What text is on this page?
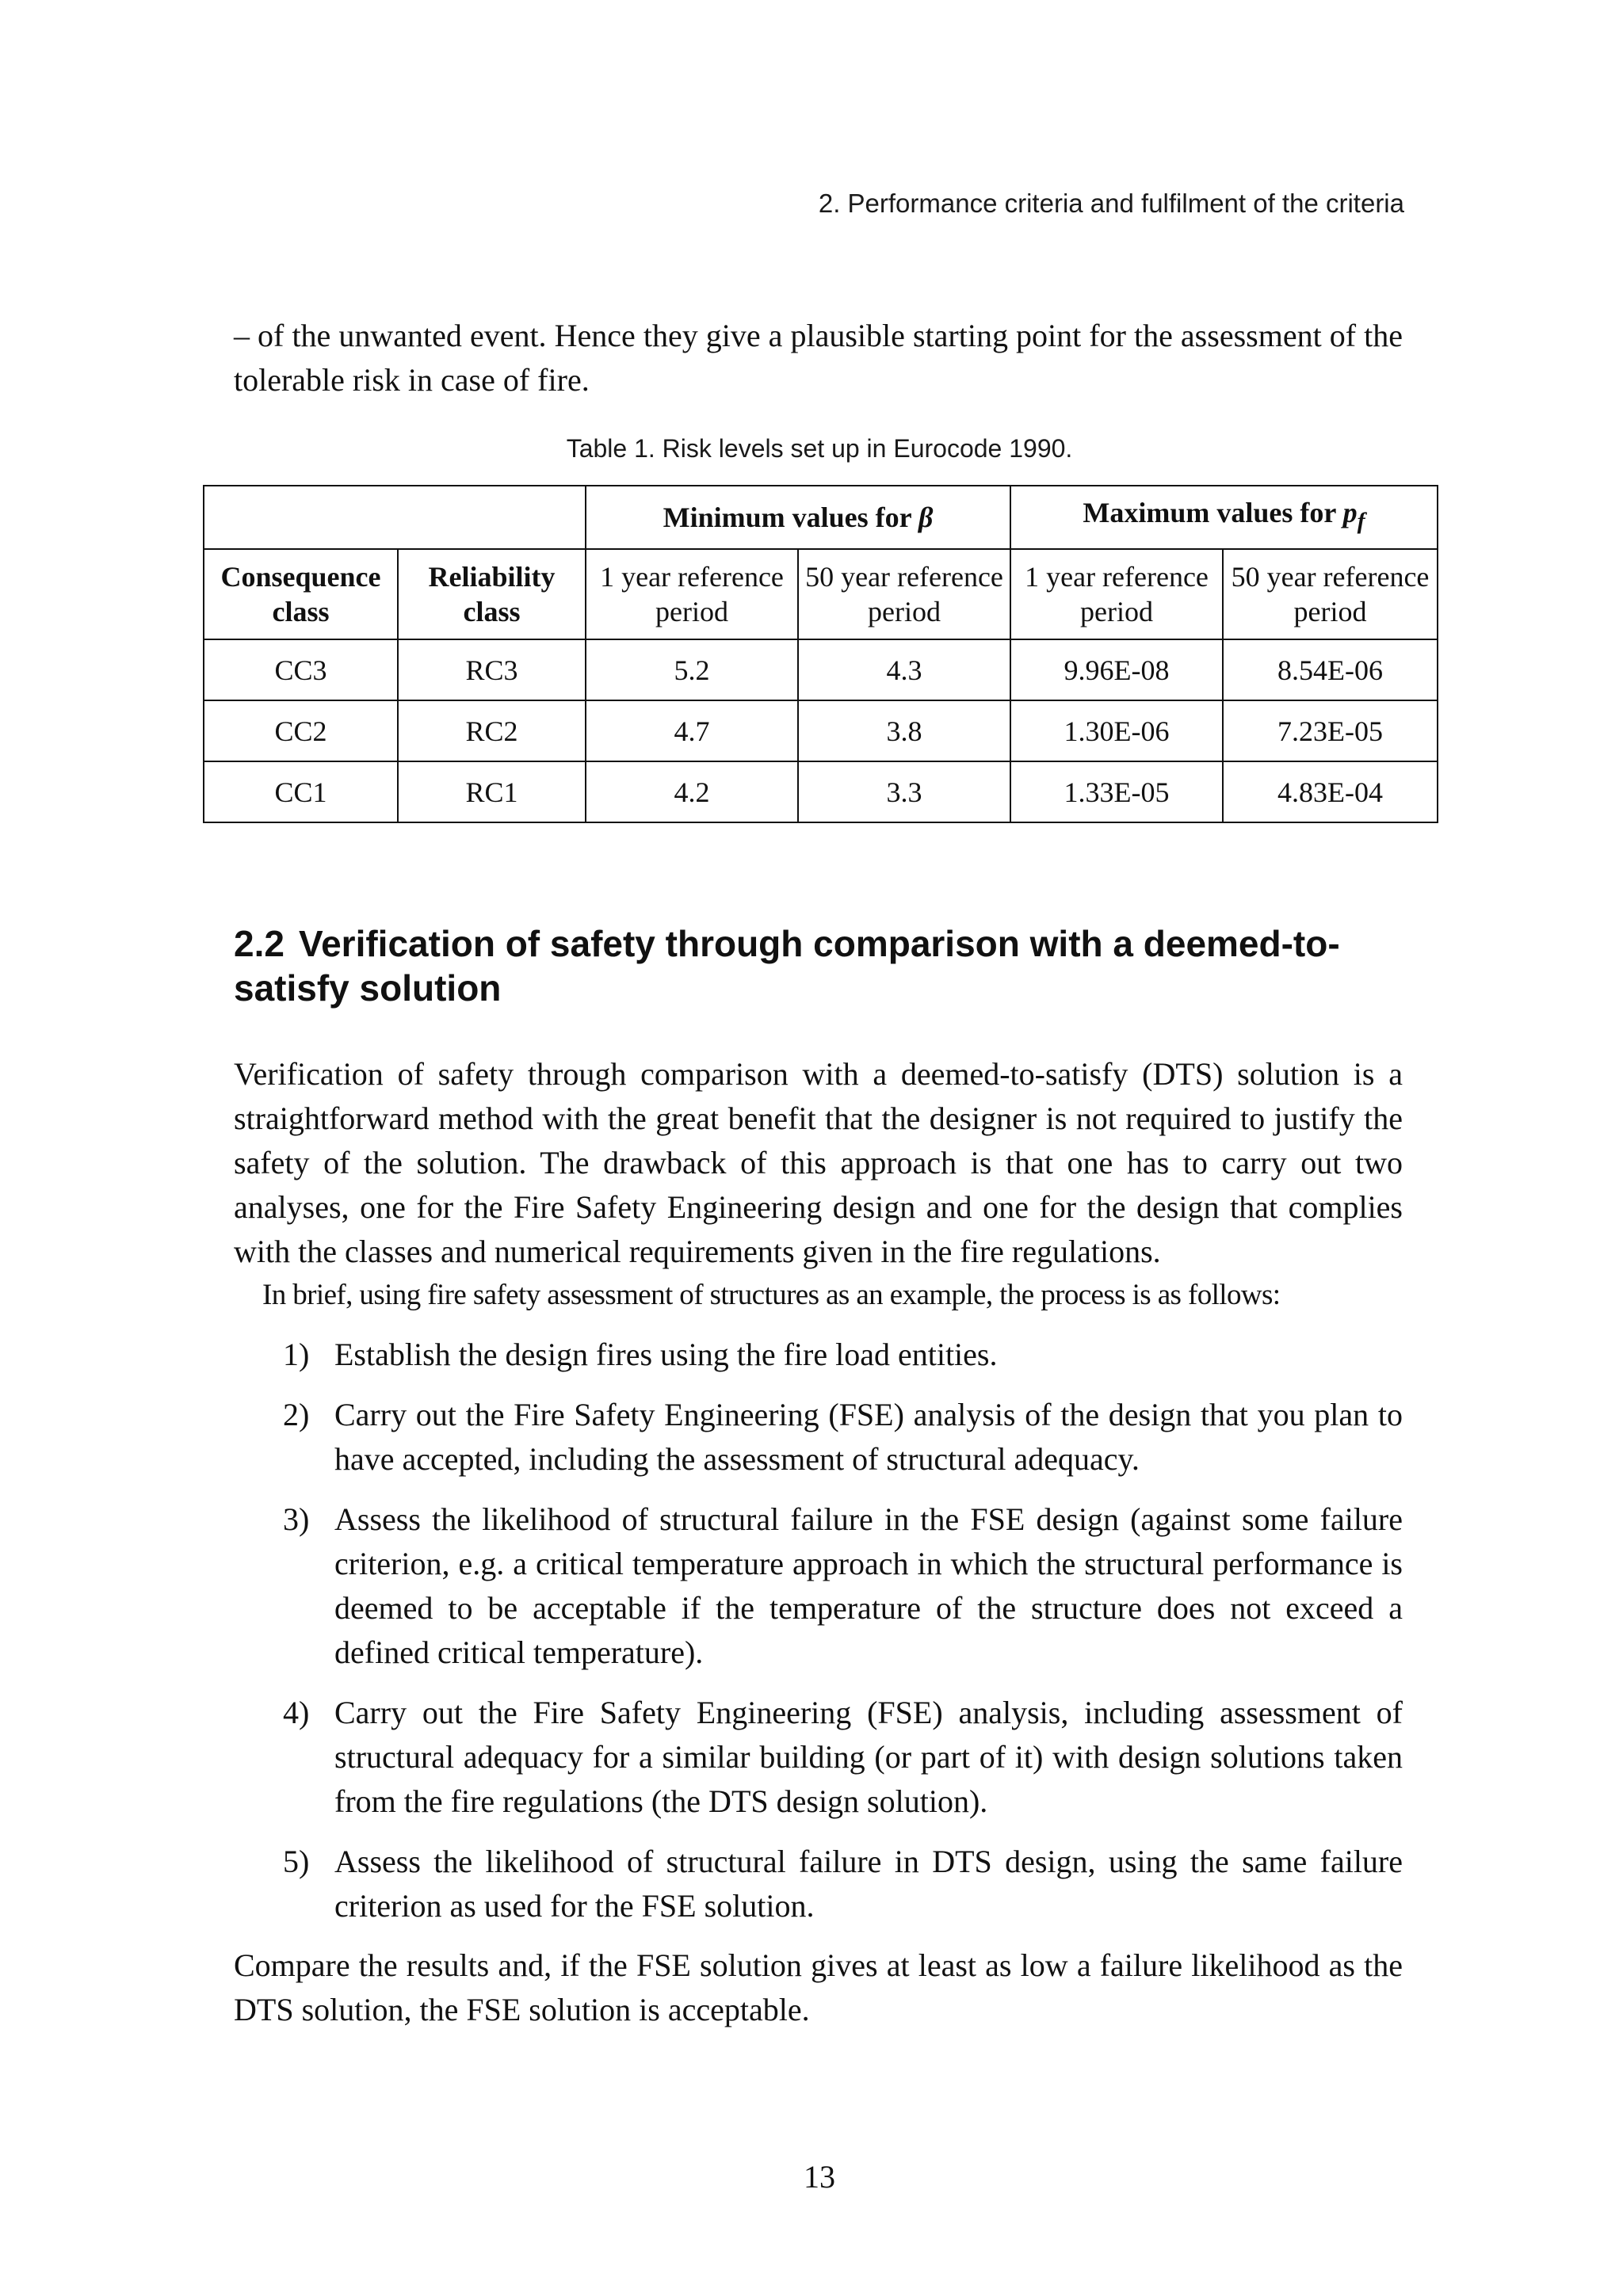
2. Performance criteria and fulfilment of the criteria

– of the unwanted event. Hence they give a plausible starting point for the assessment of the tolerable risk in case of fire.

Table 1. Risk levels set up in Eurocode 1990.
		Minimum values for β		Maximum values for $p_f$
Consequence class	Reliability class	1 year reference period	50 year reference period	1 year reference period	50 year reference period
CC3	RC3	5.2	4.3	9.96E-08	8.54E-06
CC2	RC2	4.7	3.8	1.30E-06	7.23E-05
CC1	RC1	4.2	3.3	1.33E-05	4.83E-04
2.2 Verification of safety through comparison with a deemed-to-satisfy solution

Verification of safety through comparison with a deemed-to-satisfy (DTS) solution is a straightforward method with the great benefit that the designer is not required to justify the safety of the solution. The drawback of this approach is that one has to carry out two analyses, one for the Fire Safety Engineering design and one for the design that complies with the classes and numerical requirements given in the fire regulations.

In brief, using fire safety assessment of structures as an example, the process is as follows:

1) Establish the design fires using the fire load entities.
2) Carry out the Fire Safety Engineering (FSE) analysis of the design that you plan to have accepted, including the assessment of structural adequacy.
3) Assess the likelihood of structural failure in the FSE design (against some failure criterion, e.g. a critical temperature approach in which the structural performance is deemed to be acceptable if the temperature of the structure does not exceed a defined critical temperature).
4) Carry out the Fire Safety Engineering (FSE) analysis, including assessment of structural adequacy for a similar building (or part of it) with design solutions taken from the fire regulations (the DTS design solution).
5) Assess the likelihood of structural failure in DTS design, using the same failure criterion as used for the FSE solution.

Compare the results and, if the FSE solution gives at least as low a failure likelihood as the DTS solution, the FSE solution is acceptable.

13
